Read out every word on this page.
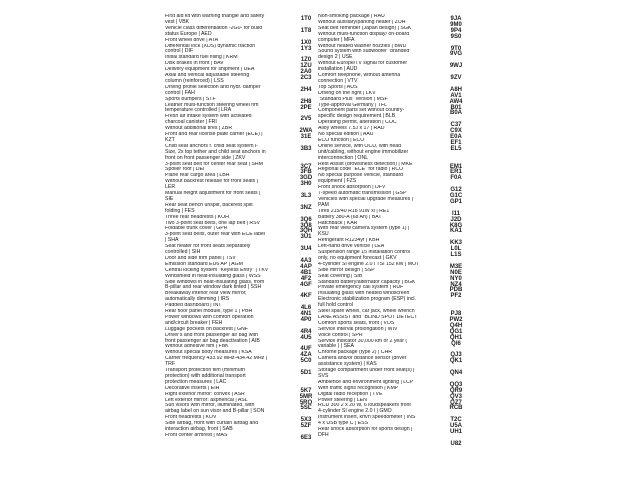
First aid kit with warning triangle and safety
vest | VBK
Vehicle class differentiation -2G0- for build
status Europe | AED
Front wheel drive | ATA
Differential lock (XDS) dynamic traction
control | DIF
Initial standard fuel filling | KRM
Disk brakes in front | BAV
Delivery equipment for shipment | UEA
Axial and vertical adjustable steering
column (reinforced) | LSS
Driving profile selection and hydr. damper
control | FAH
Sports bumpers | STF
Leather multi-function steering wheel rim
temperature controlled | LRA
Fresh air intake system with activated
charcoal canister | FRI
Without additional tires | ZBR
Front and rear license plate carrier (ECE) |
KZT
Child seat anchors f. child seat system i-
Size, 2x top tether and child seat anchors in
front on front passenger side | ZKV
3-point seat belt for center rear seat | SHM
Spoiler roof | DEI
Plane rear cargo area | LBH
Without backrest release for front seats |
LER
Manual height adjustment for front seats |
SIE
Rear seat bench unsplit, backrest split
folding | FES
Three rear headrests | KOH
Two 3-point seat belts, one lap belt | RSV
Foldable trunk cover | GPR
3-point seat belts, outer rear with ECE label
| SHA
Seat heater for front seats separately
controlled | SIH
Door and side trim panel | TSV
Emission standard EU6 AP | AGM
Central locking system "Keyless Entry" | TKV
Windshield in heat-insulating glass | WSS
Side windows in heat-insulating glass, from
B-pillar and rear window dark tinted | SSH
Breakaway interior rear view mirror,
automatically dimming | IRS
Padded dashboard | INT
Rear floor panel module, type 1 | PBH
Power windows with comfort operation
and/circuit breaker | FEH
Luggage pockets on backrest | GNF
Driver's and front passenger air bag with
front passenger air bag deactivation | AIB
Without adhesive film | FBK
Without special body measures | KSA
Carrier frequency 433.92 MHz-434.42 MHz |
TRF
Transport protection film (minimum
protection) with additional transport
protection measures | LAC
Decorative inserts | EIH
Right exterior mirror: convex | ASR
Left exterior mirror: aspherical | ASL
Sun visors with mirror, illuminated, with
airbag label on sun visor and B-pillar | SON
Front headrests | KOV
Side airbag, front with curtain airbag and
interaction airbag, front | SAB
Front center armrest | MAS
1T0
1T8
1X0
1Y3
1Z0
1ZU
2A0
2C3
2H4
2H8
2PE
2V5
2WA
31E
3B3
3C7
3FB
3GD
3H0
3L3
3NZ
3Q6
3Q8
3QH
3U1
3U4
4A3
4AP
4B1
4F2
4GF
4KF
4L6
4N1
4P0
4R4
4U5
4UF
4ZA
5C0
5D1
5K7
5MR
5RQ
5SL
5X3
5ZF
6E3
Non-smoking package | RAU
Without auxiliary/parking heater | ZUH
Seat belt reminder (Japan design) | SGK
Without multi-function display/ on-board
computer | MFA
Without heated washer nozzles | BWD
Sound system with subwoofer "branded"
design 2 | USE
Without Europe/TV signal for customer
installation | AUD
Comfort telephone, without antenna
connection | VTV
Top Sports | AUS
Driving on the right | LKV
"Standard Plus" version | MSF
Type-approval Germany | TFL
Component parts set without country-
specific design requirement | BLB
Operating permit, alteration | COC
Alloy wheels 7.5J x 17 | RAD
No special edition | AAU
ECO function | ECO
Online service, with OCU, with head
unit/cabling, without engine immobilizer
interconnection | ONL
Rest Assist (drowsiness detection) | MKE
Regional code "ECE" for radio | RCO
No special purpose vehicle, standard
equipment | FZS
Front shock absorption | DFV
7-speed automatic transmission | GSP
Vehicles with special upgrade measures |
PAM
Tires 215/40 R18 91W xl | RE1
Battery 380-A (68 Ah) | BAT
Hatchback | KAR
With rear view camera system (type 1) |
KSU
Refrigerant R1234yf | KBH
Left-hand drive vehicle | LEA
Suspension range 15 installation control
only, no equipment forecast | GKV
4-cylinder SI engine 2.0 l TSI 152 kW | MOT
Side mirror design | SSP
Seat covering | SIB
Standard battery/alternator capacity | BGK
Private emergency call system | RUF
Insulating glass with heated windscreen
Electronic stabilization program (ESP) incl.
full hold control
Steel spare wheel, car jack, wheel wrench
LANE ASSIST and "BLIND SPOT DETECT
Comfort sports seats, front | VOS
Service interval prolongation | WIV
Voice control | SPR
Service indicator 30,000 km or 2 year (
variable ) | SEA
Chrome package (type 2) | CHR
Camera and/or distance sensor (driver
assistance system) | KAS
Storage compartment under front seat(s) |
SVS
Ambience and environment lighting | LCP
With traffic signs recognition | KMP
Digital radio reception | TVE
Power steering | LEN
RCD 300 2 x 20 W, 6 loudspeakers front
4-cylinder SI engine 2.0 l | GMO
Instrument insert, km/h speedometer | INS
4 x USB type C | ESS
Rear shock absorption for sports design |
DFH
9JA
9M0
9P4
9S0
9T0
9VG
9WJ
9ZV
A8H
AV1
AW4
B01
B0A
C37
C9X
E0A
EF1
EL5
EM1
ER1
F0A
G12
G1C
GP1
I11
J2D
K8G
KA1
KK3
L0L
L1S
M3E
N0E
NY0
NZ4
PDB
PF2
PJ8
PW2
Q4H
QG1
QH1
QI6
QJ3
QK1
QN4
QQ3
QR9
QV3
QZ7
RCB
T2C
U5A
UH1
U82
